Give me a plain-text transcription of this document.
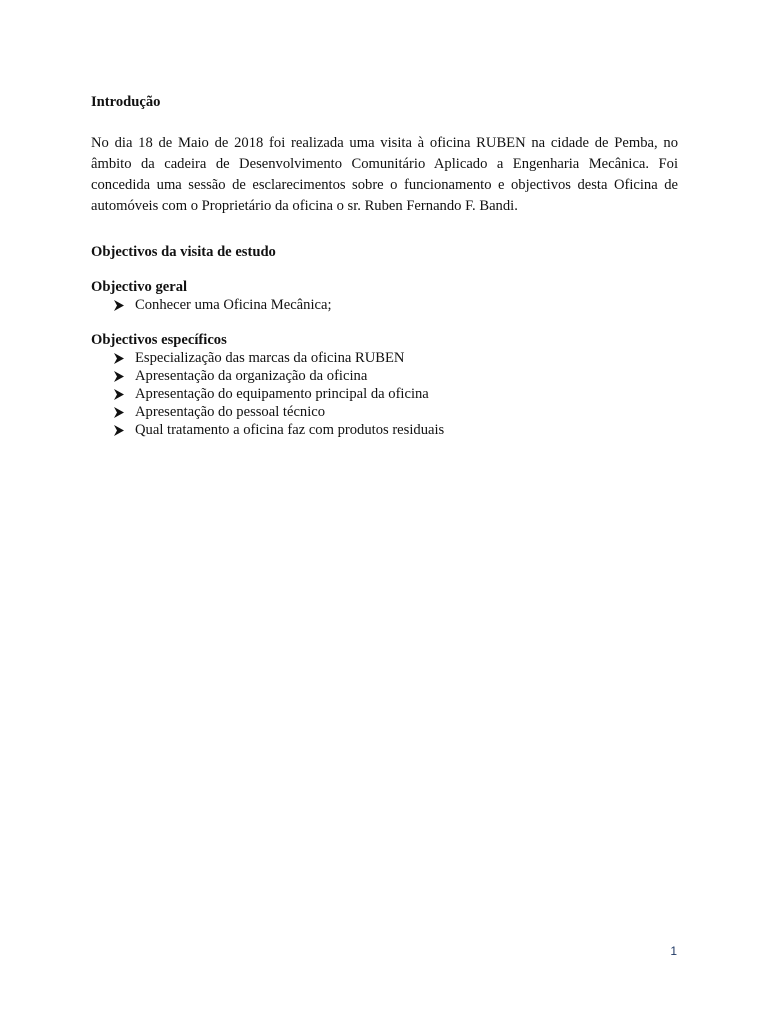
Introdução

No dia 18 de Maio de 2018 foi realizada uma visita à oficina RUBEN na cidade de Pemba, no âmbito da cadeira de Desenvolvimento Comunitário Aplicado a Engenharia Mecânica. Foi concedida uma sessão de esclarecimentos sobre o funcionamento e objectivos desta Oficina de automóveis com o Proprietário da oficina o sr. Ruben Fernando F. Bandi.

Objectivos da visita de estudo
Objectivo geral
Conhecer uma Oficina Mecânica;
Objectivos específicos
Especialização das marcas da oficina RUBEN
Apresentação da organização da oficina
Apresentação do equipamento principal da oficina
Apresentação do pessoal técnico
Qual tratamento a oficina faz com produtos residuais
1
